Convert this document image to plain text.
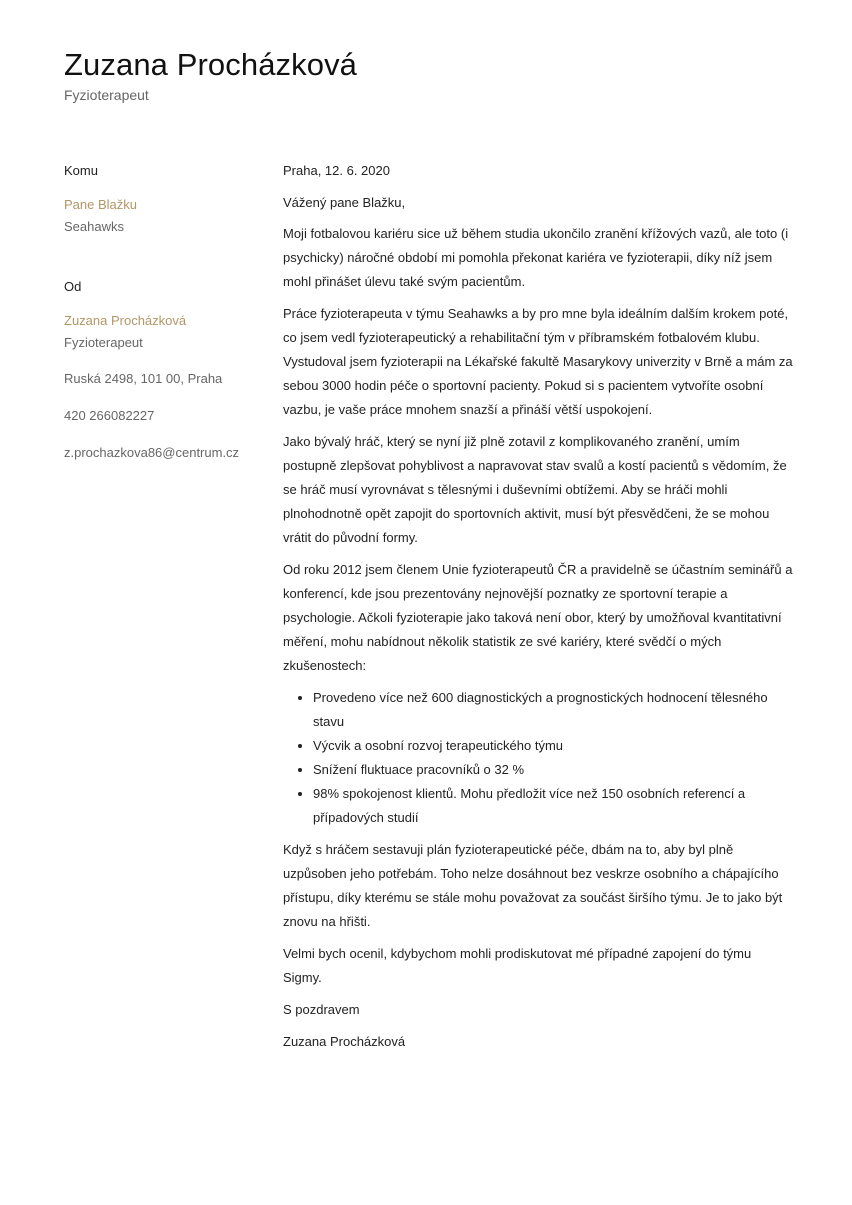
Zuzana Procházková
Fyzioterapeut
Komu
Pane Blažku
Seahawks
Od
Zuzana Procházková
Fyzioterapeut
Ruská 2498, 101 00, Praha
420 266082227
z.prochazkova86@centrum.cz

Praha, 12. 6. 2020

Vážený pane Blažku,

Moji fotbalovou kariéru sice už během studia ukončilo zranění křížových vazů, ale toto (i psychicky) náročné období mi pomohla překonat kariéra ve fyzioterapii, díky níž jsem mohl přinášet úlevu také svým pacientům.

Práce fyzioterapeuta v týmu Seahawks a by pro mne byla ideálním dalším krokem poté, co jsem vedl fyzioterapeutický a rehabilitační tým v příbramském fotbalovém klubu. Vystudoval jsem fyzioterapii na Lékařské fakultě Masarykovy univerzity v Brně a mám za sebou 3000 hodin péče o sportovní pacienty. Pokud si s pacientem vytvoříte osobní vazbu, je vaše práce mnohem snazší a přináší větší uspokojení.

Jako bývalý hráč, který se nyní již plně zotavil z komplikovaného zranění, umím postupně zlepšovat pohyblivost a napravovat stav svalů a kostí pacientů s vědomím, že se hráč musí vyrovnávat s tělesnými i duševními obtížemi. Aby se hráči mohli plnohodnotně opět zapojit do sportovních aktivit, musí být přesvědčeni, že se mohou vrátit do původní formy.

Od roku 2012 jsem členem Unie fyzioterapeutů ČR a pravidelně se účastním seminářů a konferencí, kde jsou prezentovány nejnovější poznatky ze sportovní terapie a psychologie. Ačkoli fyzioterapie jako taková není obor, který by umožňoval kvantitativní měření, mohu nabídnout několik statistik ze své kariéry, které svědčí o mých zkušenostech:

• Provedeno více než 600 diagnostických a prognostických hodnocení tělesného stavu
• Výcvik a osobní rozvoj terapeutického týmu
• Snížení fluktuace pracovníků o 32 %
• 98% spokojenost klientů. Mohu předložit více než 150 osobních referencí a případových studií

Když s hráčem sestavuji plán fyzioterapeutické péče, dbám na to, aby byl plně uzpůsoben jeho potřebám. Toho nelze dosáhnout bez veskrze osobního a chápajícího přístupu, díky kterému se stále mohu považovat za součást širšího týmu. Je to jako být znovu na hřišti.

Velmi bych ocenil, kdybychom mohli prodiskutovat mé případné zapojení do týmu Sigmy.

S pozdravem

Zuzana Procházková
